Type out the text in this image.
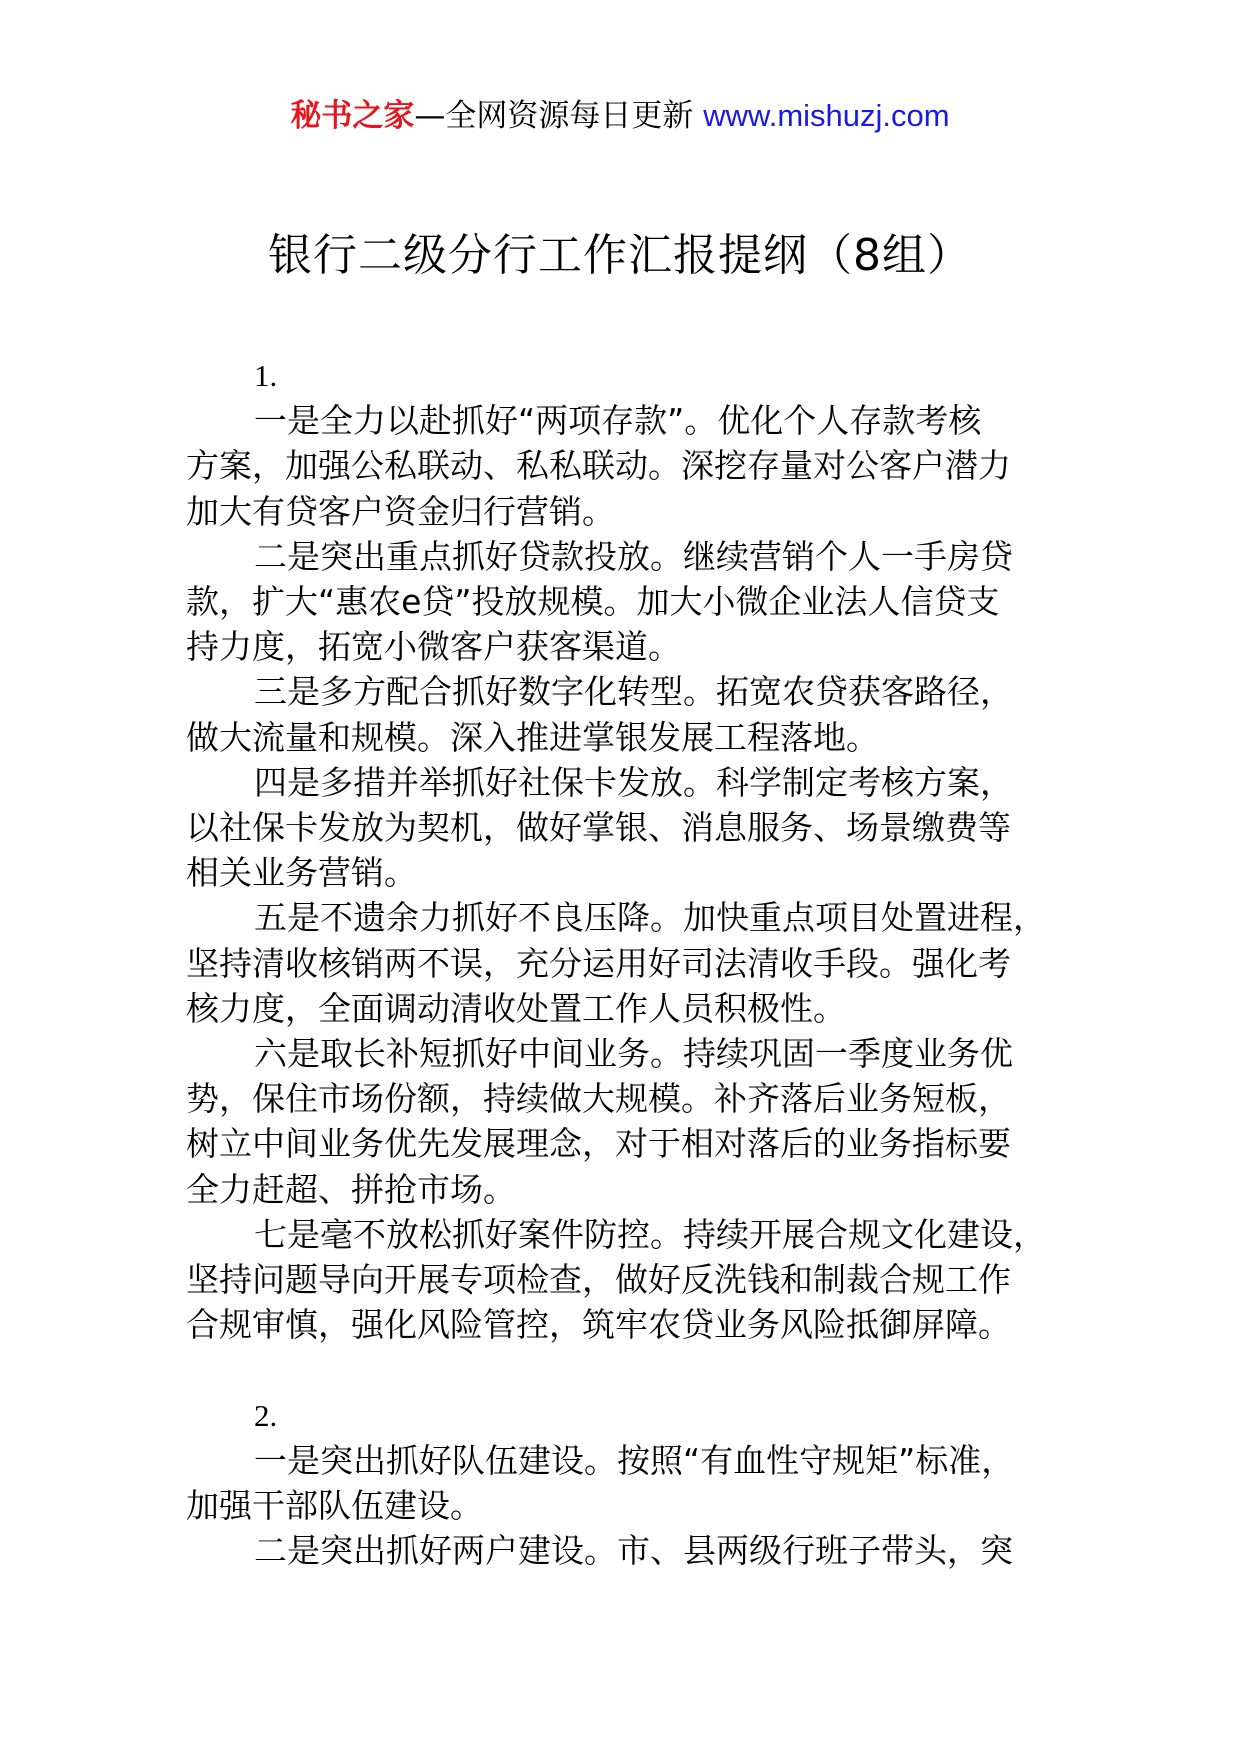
秘书之家—全网资源每日更新 www.mishuzj.com
银行二级分行工作汇报提纲（8组）
1.
一是全力以赴抓好“两项存款”。优化个人存款考核
方案，加强公私联动、私私联动。深挖存量对公客户潜力
加大有贷客户资金归行营销。
二是突出重点抓好贷款投放。继续营销个人一手房贷
款，扩大“惠农e贷”投放规模。加大小微企业法人信贷支
持力度，拓宽小微客户获客渠道。
三是多方配合抓好数字化转型。拓宽农贷获客路径，
做大流量和规模。深入推进掌银发展工程落地。
四是多措并举抓好社保卡发放。科学制定考核方案，
以社保卡发放为契机，做好掌银、消息服务、场景缴费等
相关业务营销。
五是不遗余力抓好不良压降。加快重点项目处置进程，
坚持清收核销两不误，充分运用好司法清收手段。强化考
核力度，全面调动清收处置工作人员积极性。
六是取长补短抓好中间业务。持续巩固一季度业务优
势，保住市场份额，持续做大规模。补齐落后业务短板，
树立中间业务优先发展理念，对于相对落后的业务指标要
全力赶超、拼抢市场。
七是毫不放松抓好案件防控。持续开展合规文化建设，
坚持问题导向开展专项检查，做好反洗钱和制裁合规工作
合规审慎，强化风险管控，筑牢农贷业务风险抵御屏障。
2.
一是突出抓好队伍建设。按照“有血性守规矩”标准，
加强干部队伍建设。
二是突出抓好两户建设。市、县两级行班子带头，突
